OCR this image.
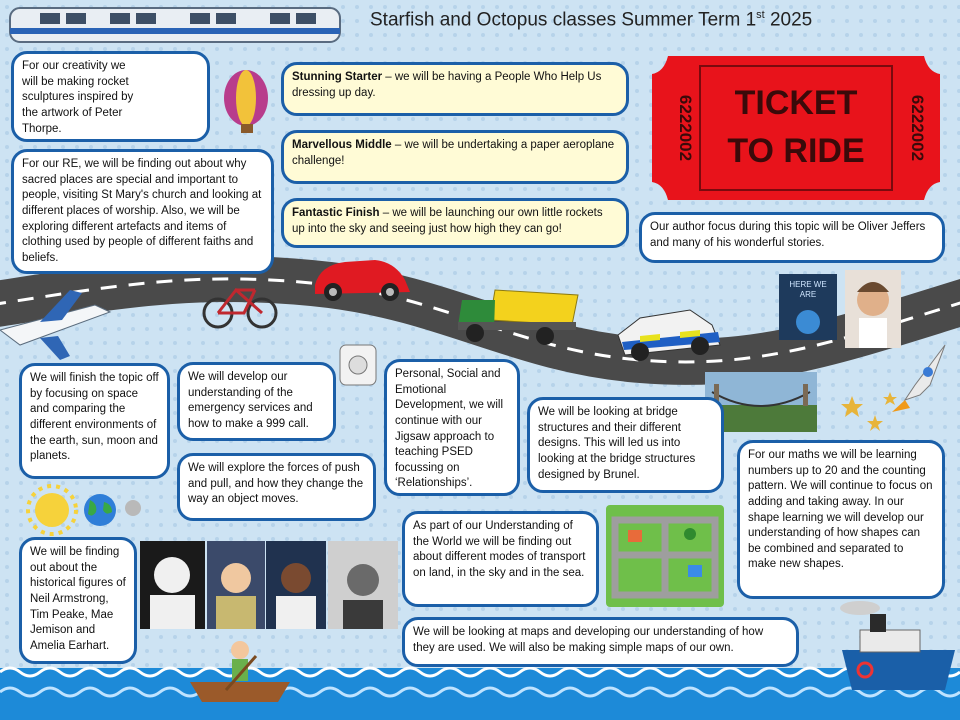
Starfish and Octopus classes Summer Term 1st 2025
TICKET
TO RIDE
6222002	6222002
HERE WE
ARE
For our creativity we will be making rocket sculptures inspired by the artwork of Peter Thorpe.
For our RE, we will be finding out about why sacred places are special and important to people, visiting St Mary's church and looking at different places of worship. Also, we will be exploring different artefacts and items of clothing used by people of different faiths and beliefs.
Stunning Starter – we will be having a People Who Help Us dressing up day.
Marvellous Middle – we will be undertaking a paper aeroplane challenge!
Fantastic Finish – we will be launching our own little rockets up into the sky and seeing just how high they can go!	Our author focus during this topic will be Oliver Jeffers and many of his wonderful stories.
We will finish the topic off by focusing on space and comparing the different environments of the earth, sun, moon and planets.
We will develop our understanding of the emergency services and how to make a 999 call.
We will explore the forces of push and pull, and how they change the way an object moves.
Personal, Social and Emotional Development, we will continue with our Jigsaw approach to teaching PSED focussing on ‘Relationships’.
We will be looking at bridge structures and their different designs. This will led us into looking at the bridge structures designed by Brunel.
For our maths we will be learning numbers up to 20 and the counting pattern. We will continue to focus on adding and taking away. In our shape learning we will develop our understanding of how shapes can be combined and separated to make new shapes.
We will be finding out about the historical figures of Neil Armstrong, Tim Peake, Mae Jemison and Amelia Earhart.
As part of our Understanding of the World we will be finding out about different modes of transport on land, in the sky and in the sea.
We will be looking at maps and developing our understanding of how they are used. We will also be making simple maps of our own.
